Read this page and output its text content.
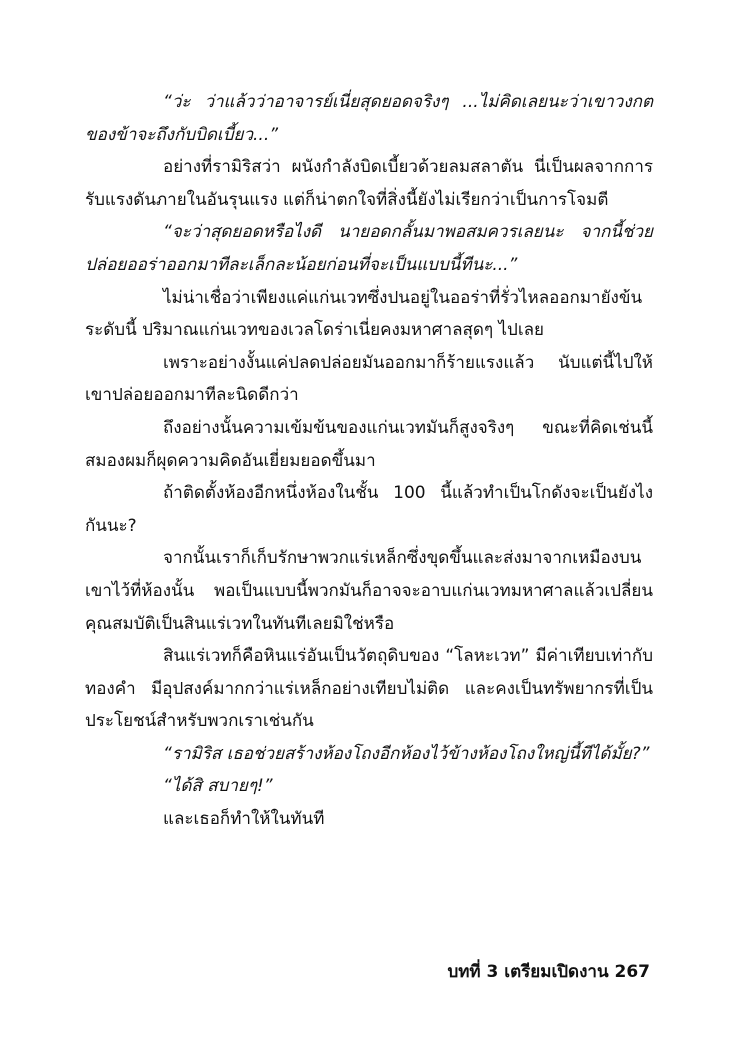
“ว่ะ ว่าแล้วว่าอาจารย์เนี่ยสุดยอดจริงๆ ...ไม่คิดเลยนะว่าเขาวงกตของข้าจะถึงกับบิดเบี้ยว...”

อย่างที่รามิริสว่า ผนังกำลังบิดเบี้ยวด้วยลมสลาตัน นี่เป็นผลจากการรับแรงดันภายในอันรุนแรง แต่ก็น่าตกใจที่สิ่งนี้ยังไม่เรียกว่าเป็นการโจมตี

“จะว่าสุดยอดหรือไงดี นายอดกลั้นมาพอสมควรเลยนะ จากนี้ช่วยปล่อยออร่าออกมาทีละเล็กละน้อยก่อนที่จะเป็นแบบนี้ทีนะ...”

ไม่น่าเชื่อว่าเพียงแค่แก่นเวทซึ่งปนอยู่ในออร่าที่รั่วไหลออกมายังข้นระดับนี้ ปริมาณแก่นเวทของเวลโดร่าเนี่ยคงมหาศาลสุดๆ ไปเลย

เพราะอย่างงั้นแค่ปลดปล่อยมันออกมาก็ร้ายแรงแล้ว นับแต่นี้ไปให้เขาปล่อยออกมาทีละนิดดีกว่า

ถึงอย่างนั้นความเข้มข้นของแก่นเวทมันก็สูงจริงๆ ขณะที่คิดเช่นนี้สมองผมก็ผุดความคิดอันเยี่ยมยอดขึ้นมา

ถ้าติดตั้งห้องอีกหนึ่งห้องในชั้น 100 นี้แล้วทำเป็นโกดังจะเป็นยังไงกันนะ?

จากนั้นเราก็เก็บรักษาพวกแร่เหล็กซึ่งขุดขึ้นและส่งมาจากเหมืองบนเขาไว้ที่ห้องนั้น พอเป็นแบบนี้พวกมันก็อาจจะอาบแก่นเวทมหาศาลแล้วเปลี่ยนคุณสมบัติเป็นสินแร่เวทในทันทีเลยมิใช่หรือ

สินแร่เวทก็คือหินแร่อันเป็นวัตถุดิบของ “โลหะเวท” มีค่าเทียบเท่ากับทองคำ มีอุปสงค์มากกว่าแร่เหล็กอย่างเทียบไม่ติด และคงเป็นทรัพยากรที่เป็นประโยชน์สำหรับพวกเราเช่นกัน

“รามิริส เธอช่วยสร้างห้องโถงอีกห้องไว้ข้างห้องโถงใหญ่นี้ทีได้มั้ย?”

“ได้สิ สบายๆ!”

และเธอก็ทำให้ในทันที

บทที่ 3 เตรียมเปิดงาน 267
